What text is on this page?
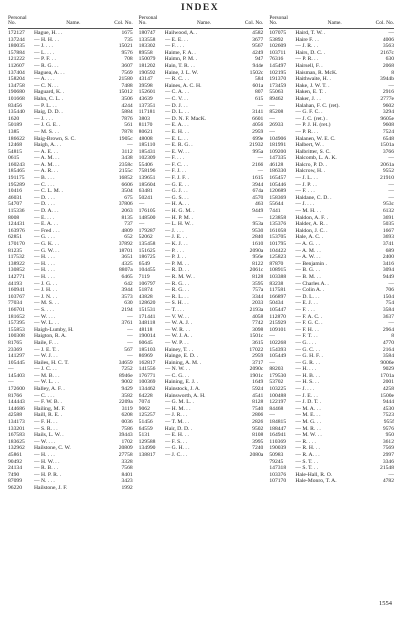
INDEX
Personal No.	Name.	Col. No.
172127	Hague, H. . .	1675
137244	— H. H. . .	735
180035	— J. . . .	15021
157884	— L. . . .	9576
121222	— P. F. . .	708
112607	— R. G. . .	3607
137404	Haguea, A. . .	7569
158204	— A. . . .	21580
134758	— C. N. . .	7488
190680	Haguard, K. .	15012
101668	Hahn, C. L. .	3506
83456	— P. L. . .	4244
135440	Haig, D. D. .	5884
1620	— J. . . .	7876
50189	— J. G. E. .	561
1385	— M. S. . .	7878
186622	Haig-Brown, S. C.	1905c
12468	Haigh, A. . .	—
54815	— A. E. . .	3112
0615	— A. M. . .	3438
160243	— A. M. . .	2358c
185465	— A. R. . .	2155c
191175	— B. . . .	16852
195289	— C. . . .	6606
10416	— C. L. M. .	3504
46031	— D. . . .	675
54707	— D. . . .	37806
115336	— D. A. . .	2063
8008	— E. . . .	8135
124431	— E. A. . .	737
163976	— Fred . . .	4809
62851	— G. . . .	652
170170	— G. K. . .	37892
81235	— G. W. . .	18701
117532	— H. . . .	3651
138922	— H. . . .	4325
130852	— H. . . .	8807a
142771	— H. . . .	6465
44193	— J. G. . .	642
160941	— J. H. . .	3944
103767	— J. N. . .	3573
77034	— M. S. . .	630
166701	— S. . . .	2194
181652	— W. . . .	—
157395	— W. L. . .	3761
155853	Haigh-Lumby, H.	—
100308	Haigton, R. A.	—
81765	Haile, F. . .	—
23369	— J. E. T. .	567
141297	— W. J. . .	—
105445	Hailes, H. C. T.	34659
—	— J. C. . .	7252
145403	— M. B. . .	8946e
—	— W. L. . .	9002
172600	Halley, A. F. .	9429
81766	— C. . . .	3582
144443	— F. W. B. .	2209a
144686	Hailing, M. F.	3119
42588	Haill, R. E. .	6208
134173	— F. H. . .	0036
133201	— S. R. . .	7586
167583	Hails, L. W. .	39443
183625	— W. . . .	1702
132962	Hailstone, C. W.	20809
45861	— H. . . .	27758
90492	— H. W. . .	3328
24134	— R. B. . .	7568
7490	— H. P. R. .	8401
87099	— N. . . .	3423
96220	Hailstone, J. F.	1992
Personal No.	Name.	Col. No.
180747	Hailwood, A. .	4582
133558	— E. E. . .	3677
183302	— F. . . .	9567
89558	Haime, F. A. .	4249
150079	Haimn, P. M. .	947
181202	Hain, T. R. . .	944e
190592	Haine, J. L. W.	1502c
43147	— R. C. . .	584
39598	Haines, A. C. H.	601a
152601	— C. A. . .	807
43639	— C. V. . .	615
137351	— D. J. . .	—
117181	— D. L. . .	3141
3803	— D. N. F. MacK.	6601
81170	— E. A. . .	4056
80621	— E. H. . .	2959
48008	— E. L. . .	699e
185110	— E. R. G. .	21932
185431	— E. W. . .	995a
102309	— F. . . .	—
55406	— F. C. . .	2166
758196	— F. J. . .	—
139651	— F. J. F. .	1615
185604	— G. E. . .	3944
63481	— G. J. . .	674a
50241	— G. S. . .	4570
—	— H. A. . .	463
176105	— H. G. M. .	9449
148500	— H. P. M. .	—
—	— L. H. W. .	953a
179287	— J. . . .	9530
52062	— J. E. . .	2840
135458	— K. J. . .	1610
151625	— P. . . .	2090a
186725	— P. J. . .	956e
6549	— P. M. . .	8122
104455	— R. D. . .	2061c
7119	— R. M. W. .	8128
106797	— R. G. . .	3595
51874	— R. G. . .	757a
43828	— R. L. . .	3344
128620	— S. H. . .	2033
151531	— T. . . .	2193a
171441	— V. W. . .	4058
348118	— W. A. J. .	7742
48118	— W. R. . .	3098
190014	— W. J. A. .	1501c
60645	— W. P. . .	3615
185103	Hainey, T. . .	17022
86969	Hainge, E. D. .	2959
162817	Haining, A. M. .	3717
141556	— N. W. . .	2090c
176771	— C. G. . .	1901c
100369	Haining, E. J. .	1649
134462	Hainstock, J. A.	5924
64228	Hainsworth, A. H.	4541
7074	— G. M. L. .	8128
9062	— H. M. . .	7540
125257	— J. R. . .	2806
51456	— T. M. . .	2826
64559	Hair, D. D. .	9502
5131	— E. H. . .	8108
129588	— F. S. . .	3995
134990	— G. H. . .	7240
138817	— J. C. . .	2080a
Personal No.	Name.	Col. No.
107075	Haird, T. W. .	—
53892	Haire F. . .	4006
102609	— J. R. . .	3563
103711	Hairs, D. C. .	2167c
76316	— P. R. . .	630
145497	Hairsell, F. .	2068
102195	Haisman, R. McK.	8
191370	Haithwaite, H. .	3944b
173459	Hake, J. W. T. .	—
55063	Haken, E. T. .	2916
89462	Haker, J. . .	2777e
—	Halahan, F. C. (ret).	9602
85208	— G. F. C. .	3294
—	— J. C. (ret.) .	9605e
26933	— P. J. H. (ret.)	9608
—	— P. R. . .	7524
104906	Halanen, W. E. C.	6548
181991	Halbert, W. .	1501a
109200	Halbritter, S. C.	3766
147335	Halcomb, L. A. K.	—
46128	Halcro, P. D. .	2061a
186330	Halcrow, H. .	9552
165457	— J. L. . .	21910
105446	— J. P. . .	—
120689	— F. . . .	—
158369	Haldane, C. D. .	—
55644	— J. . . .	953c
7441	— M. H. . .	6132
123858	Haldon, A. F. .	3691
135376	Halder, A. R. .	5035
161058	Haldon, J. C. .	1667
153705	Hale, A. C. .	3693
101795	— A. G. . .	3741
104422	— A. M. . .	689
125823	— A. W. . .	2400
87870	— Benjamin .	3416
108915	— B. G. . .	3094
103388	— B. M. . .	9449
83238	— Charles A. .	—
117581	— Colin A. .	706
166897	— D. L. . .	1504
50434	— E. J. . .	754
105447	— F. . . .	3584
112870	— F. A. C. .	3637
215929	— F. G. C. .	—
109101	— F. H. . .	2964
—	— F. T. . .	8
102268	— G. . . .	4770
154393	— G. C. . .	2164
105449	— G. H. F. .	3584
—	— G. R. . .	9006e
88203	— H. . . .	9029
179530	— H. B. . .	1701a
53702	— H. S. . .	2001
103225	— J. . . .	4258
100488	— J. E. . .	1500e
122197	— J. D. T. .	9444
84468	— M. A. . .	4530
—	— M. E. . .	7523
184815	— M. G. . .	955f
188447	— M. R. . .	9576
164941	— M. W. . .	950
110369	— R. . . .	3612
190039	— R. H. . .	7569
50983	— R. A. . .	2997
79245	— S. T. . .	3346
147318	— S. T. . .	21548
103376	Hale-Hall, R. O.	—
107170	Hale-Monro, T. A.	4782
1554
